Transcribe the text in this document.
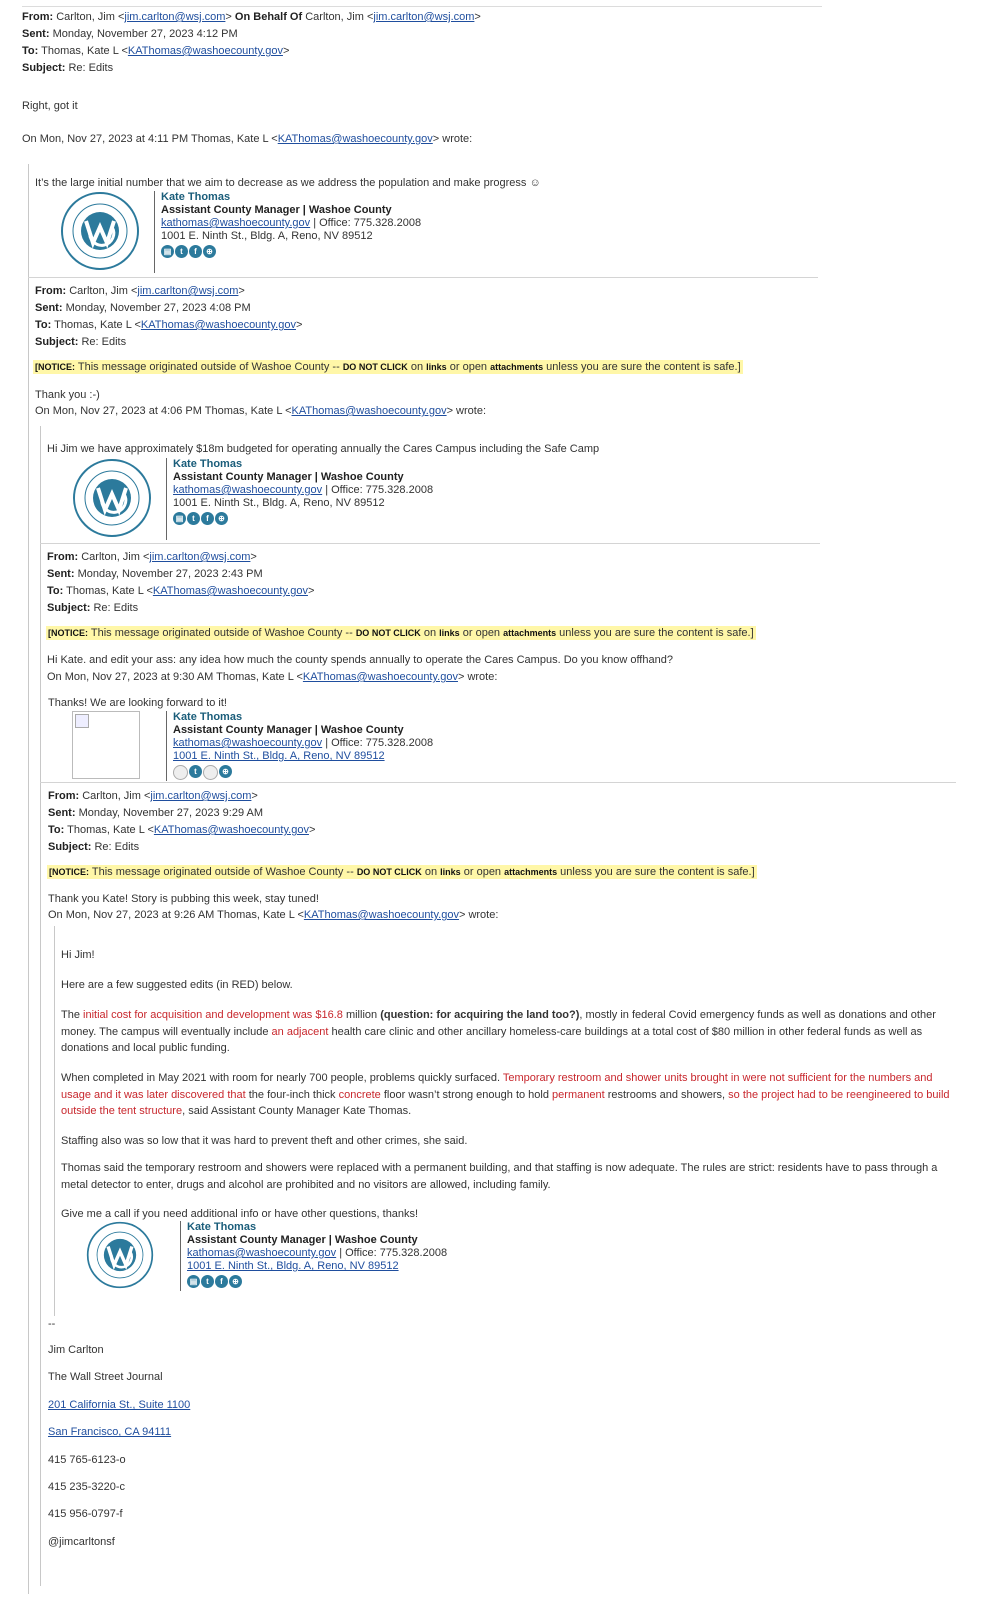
From: Carlton, Jim <jim.carlton@wsj.com> On Behalf Of Carlton, Jim <jim.carlton@wsj.com>
Sent: Monday, November 27, 2023 4:12 PM
To: Thomas, Kate L <KAThomas@washoecounty.gov>
Subject: Re: Edits
Right, got it
On Mon, Nov 27, 2023 at 4:11 PM Thomas, Kate L <KAThomas@washoecounty.gov> wrote:
It’s the large initial number that we aim to decrease as we address the population and make progress ☺
Kate Thomas
Assistant County Manager | Washoe County
kathomas@washoecounty.gov | Office: 775.328.2008
1001 E. Ninth St., Bldg. A, Reno, NV 89512
▤	t	f	⊕
From: Carlton, Jim <jim.carlton@wsj.com>
Sent: Monday, November 27, 2023 4:08 PM
To: Thomas, Kate L <KAThomas@washoecounty.gov>
Subject: Re: Edits
[NOTICE: This message originated outside of Washoe County -- DO NOT CLICK on links or open attachments unless you are sure the content is safe.]
Thank you :-)
On Mon, Nov 27, 2023 at 4:06 PM Thomas, Kate L <KAThomas@washoecounty.gov> wrote:
Hi Jim we have approximately $18m budgeted for operating annually the Cares Campus including the Safe Camp
Kate Thomas
Assistant County Manager | Washoe County
kathomas@washoecounty.gov | Office: 775.328.2008
1001 E. Ninth St., Bldg. A, Reno, NV 89512
▤	t	f	⊕
From: Carlton, Jim <jim.carlton@wsj.com>
Sent: Monday, November 27, 2023 2:43 PM
To: Thomas, Kate L <KAThomas@washoecounty.gov>
Subject: Re: Edits
[NOTICE: This message originated outside of Washoe County -- DO NOT CLICK on links or open attachments unless you are sure the content is safe.]
Hi Kate. and edit your ass: any idea how much the county spends annually to operate the Cares Campus. Do you know offhand?
On Mon, Nov 27, 2023 at 9:30 AM Thomas, Kate L <KAThomas@washoecounty.gov> wrote:
Thanks! We are looking forward to it!
Kate Thomas
Assistant County Manager | Washoe County
kathomas@washoecounty.gov | Office: 775.328.2008
1001 E. Ninth St., Bldg. A, Reno, NV 89512
t	⊕
From: Carlton, Jim <jim.carlton@wsj.com>
Sent: Monday, November 27, 2023 9:29 AM
To: Thomas, Kate L <KAThomas@washoecounty.gov>
Subject: Re: Edits
[NOTICE: This message originated outside of Washoe County -- DO NOT CLICK on links or open attachments unless you are sure the content is safe.]
Thank you Kate! Story is pubbing this week, stay tuned!
On Mon, Nov 27, 2023 at 9:26 AM Thomas, Kate L <KAThomas@washoecounty.gov> wrote:
Hi Jim!
Here are a few suggested edits (in RED) below.
The initial cost for acquisition and development was $16.8 million (question: for acquiring the land too?), mostly in federal Covid emergency funds as well as donations and other money. The campus will eventually include an adjacent health care clinic and other ancillary homeless-care buildings at a total cost of $80 million in other federal funds as well as donations and local public funding.
When completed in May 2021 with room for nearly 700 people, problems quickly surfaced. Temporary restroom and shower units brought in were not sufficient for the numbers and usage and it was later discovered that the four-inch thick concrete floor wasn’t strong enough to hold permanent restrooms and showers, so the project had to be reengineered to build outside the tent structure, said Assistant County Manager Kate Thomas.
Staffing also was so low that it was hard to prevent theft and other crimes, she said.
Thomas said the temporary restroom and showers were replaced with a permanent building, and that staffing is now adequate. The rules are strict: residents have to pass through a metal detector to enter, drugs and alcohol are prohibited and no visitors are allowed, including family.
Give me a call if you need additional info or have other questions, thanks!
Kate Thomas
Assistant County Manager | Washoe County
kathomas@washoecounty.gov | Office: 775.328.2008
1001 E. Ninth St., Bldg. A, Reno, NV 89512
▤	t	f	⊕
--
Jim Carlton
The Wall Street Journal
201 California St., Suite 1100
San Francisco, CA 94111
415 765-6123-o
415 235-3220-c
415 956-0797-f
@jimcarltonsf
